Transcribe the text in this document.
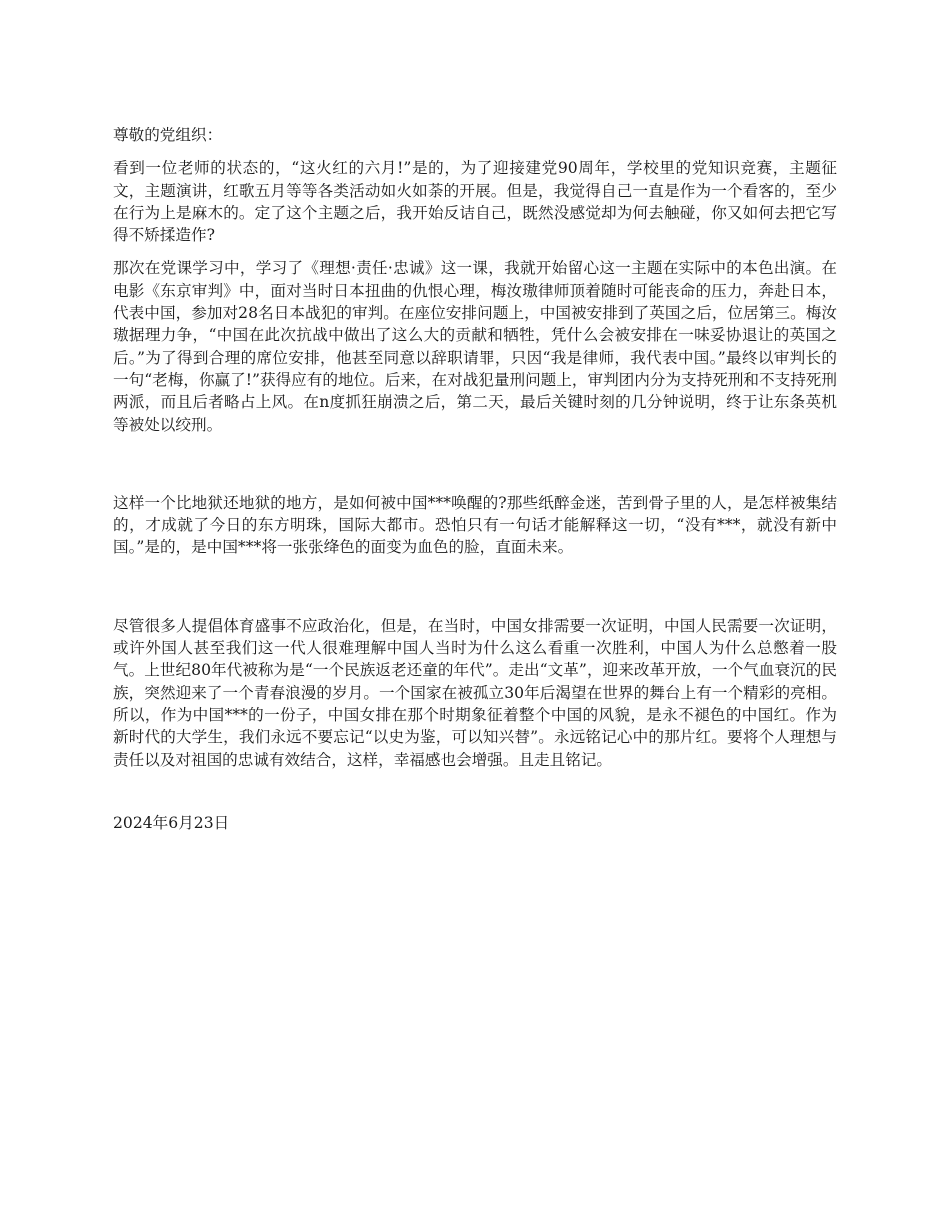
尊敬的党组织：

看到一位老师的状态的，“这火红的六月!”是的，为了迎接建党90周年，学校里的党知识竞赛，主题征文，主题演讲，红歌五月等等各类活动如火如荼的开展。但是，我觉得自己一直是作为一个看客的，至少在行为上是麻木的。定了这个主题之后，我开始反诘自己，既然没感觉却为何去触碰，你又如何去把它写得不矫揉造作?

那次在党课学习中，学习了《理想·责任·忠诚》这一课，我就开始留心这一主题在实际中的本色出演。在电影《东京审判》中，面对当时日本扭曲的仇恨心理，梅汝璈律师顶着随时可能丧命的压力，奔赴日本，代表中国，参加对28名日本战犯的审判。在座位安排问题上，中国被安排到了英国之后，位居第三。梅汝璈据理力争，“中国在此次抗战中做出了这么大的贡献和牺牲，凭什么会被安排在一味妥协退让的英国之后。”为了得到合理的席位安排，他甚至同意以辞职请罪，只因“我是律师，我代表中国。”最终以审判长的一句“老梅，你赢了!”获得应有的地位。后来，在对战犯量刑问题上，审判团内分为支持死刑和不支持死刑两派，而且后者略占上风。在n度抓狂崩溃之后，第二天，最后关键时刻的几分钟说明，终于让东条英机等被处以绞刑。

这样一个比地狱还地狱的地方，是如何被中国***唤醒的?那些纸醉金迷，苦到骨子里的人，是怎样被集结的，才成就了今日的东方明珠，国际大都市。恐怕只有一句话才能解释这一切，“没有***，就没有新中国。”是的，是中国***将一张张绛色的面变为血色的脸，直面未来。

尽管很多人提倡体育盛事不应政治化，但是，在当时，中国女排需要一次证明，中国人民需要一次证明，或许外国人甚至我们这一代人很难理解中国人当时为什么这么看重一次胜利，中国人为什么总憋着一股气。上世纪80年代被称为是“一个民族返老还童的年代”。走出“文革”，迎来改革开放，一个气血衰沉的民族，突然迎来了一个青春浪漫的岁月。一个国家在被孤立30年后渴望在世界的舞台上有一个精彩的亮相。所以，作为中国***的一份子，中国女排在那个时期象征着整个中国的风貌，是永不褪色的中国红。作为新时代的大学生，我们永远不要忘记“以史为鉴，可以知兴替”。永远铭记心中的那片红。要将个人理想与责任以及对祖国的忠诚有效结合，这样，幸福感也会增强。且走且铭记。

2024年6月23日
